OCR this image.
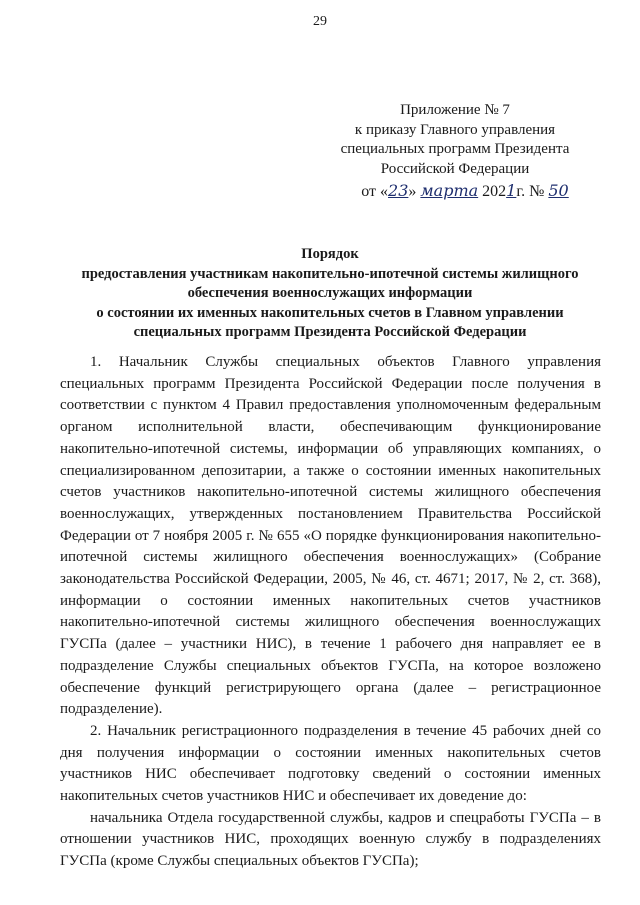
29
Приложение № 7
к приказу Главного управления
специальных программ Президента
Российской Федерации
от «23» марта 2021г. № 50
Порядок
предоставления участникам накопительно-ипотечной системы жилищного
обеспечения военнослужащих информации
о состоянии их именных накопительных счетов в Главном управлении
специальных программ Президента Российской Федерации

1. Начальник Службы специальных объектов Главного управления специальных программ Президента Российской Федерации после получения в соответствии с пунктом 4 Правил предоставления уполномоченным федеральным органом исполнительной власти, обеспечивающим функционирование накопительно-ипотечной системы, информации об управляющих компаниях, о специализированном депозитарии, а также о состоянии именных накопительных счетов участников накопительно-ипотечной системы жилищного обеспечения военнослужащих, утвержденных постановлением Правительства Российской Федерации от 7 ноября 2005 г. № 655 «О порядке функционирования накопительно-ипотечной системы жилищного обеспечения военнослужащих» (Собрание законодательства Российской Федерации, 2005, № 46, ст. 4671; 2017, № 2, ст. 368), информации о состоянии именных накопительных счетов участников накопительно-ипотечной системы жилищного обеспечения военнослужащих ГУСПа (далее – участники НИС), в течение 1 рабочего дня направляет ее в подразделение Службы специальных объектов ГУСПа, на которое возложено обеспечение функций регистрирующего органа (далее – регистрационное подразделение).

2. Начальник регистрационного подразделения в течение 45 рабочих дней со дня получения информации о состоянии именных накопительных счетов участников НИС обеспечивает подготовку сведений о состоянии именных накопительных счетов участников НИС и обеспечивает их доведение до:

начальника Отдела государственной службы, кадров и спецработы ГУСПа – в отношении участников НИС, проходящих военную службу в подразделениях ГУСПа (кроме Службы специальных объектов ГУСПа);
